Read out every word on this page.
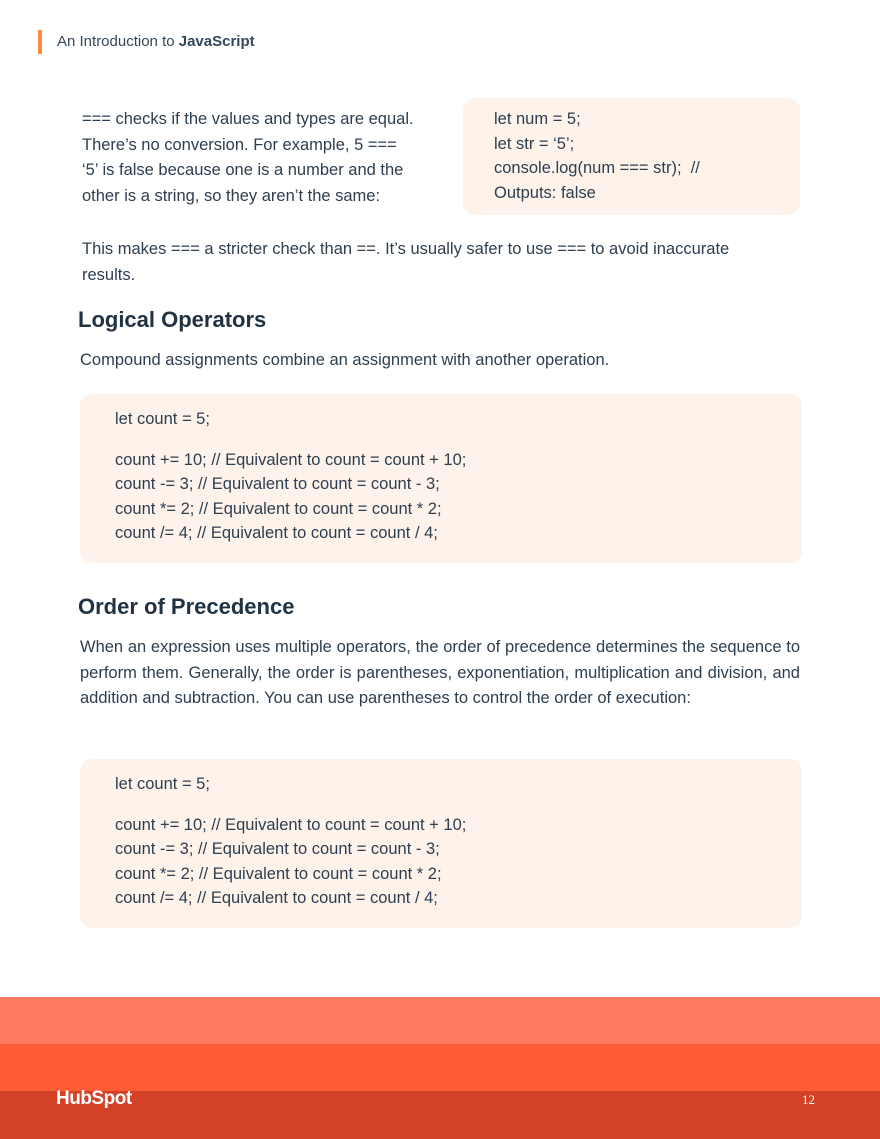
An Introduction to JavaScript
=== checks if the values and types are equal.
There’s no conversion. For example, 5 ===
‘5’ is false because one is a number and the
other is a string, so they aren’t the same:
let num = 5;
let str = ‘5’;
console.log(num === str);  //
Outputs: false
This makes === a stricter check than ==. It’s usually safer to use === to avoid inaccurate results.
Logical Operators
Compound assignments combine an assignment with another operation.
let count = 5;
count += 10; // Equivalent to count = count + 10;
count -= 3; // Equivalent to count = count - 3;
count *= 2; // Equivalent to count = count * 2;
count /= 4; // Equivalent to count = count / 4;
Order of Precedence
When an expression uses multiple operators, the order of precedence determines the sequence to perform them. Generally, the order is parentheses, exponentiation, multiplication and division, and addition and subtraction. You can use parentheses to control the order of execution:
let count = 5;
count += 10; // Equivalent to count = count + 10;
count -= 3; // Equivalent to count = count - 3;
count *= 2; // Equivalent to count = count * 2;
count /= 4; // Equivalent to count = count / 4;
HubSpot	12
